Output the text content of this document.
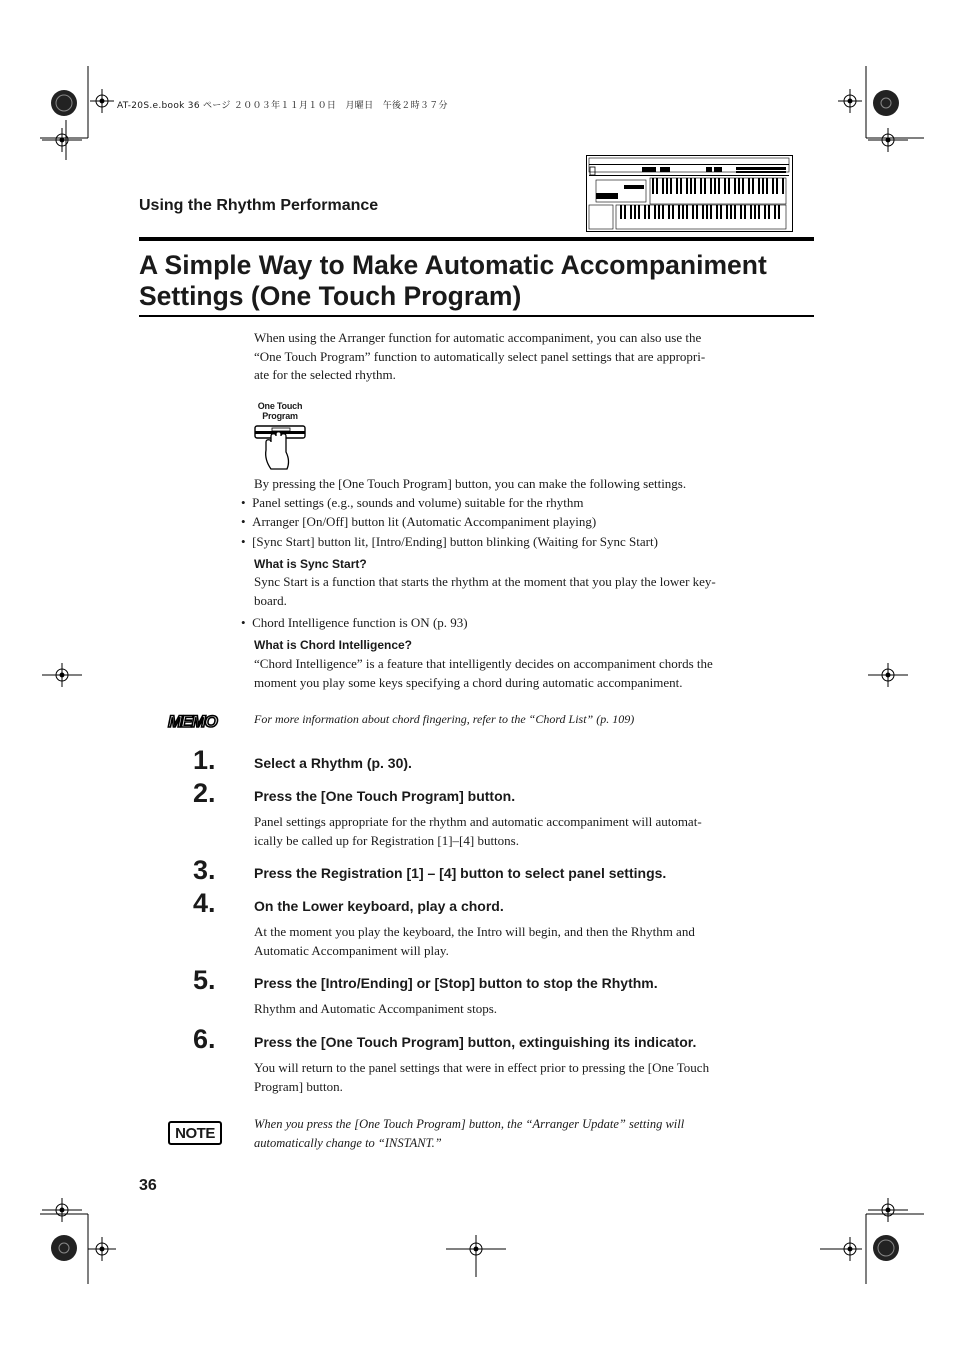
AT-20S.e.book 36 ページ ２００３年１１月１０日　月曜日　午後２時３７分
Using the Rhythm Performance
A Simple Way to Make Automatic Accompaniment
Settings (One Touch Program)
When using the Arranger function for automatic accompaniment, you can also use the
“One Touch Program” function to automatically select panel settings that are appropri-
ate for the selected rhythm.
One Touch
Program
By pressing the [One Touch Program] button, you can make the following settings.
•  Panel settings (e.g., sounds and volume) suitable for the rhythm
•  Arranger [On/Off] button lit (Automatic Accompaniment playing)
•  [Sync Start] button lit, [Intro/Ending] button blinking (Waiting for Sync Start)
What is Sync Start?
Sync Start is a function that starts the rhythm at the moment that you play the lower key-
board.
•  Chord Intelligence function is ON (p. 93)
What is Chord Intelligence?
“Chord Intelligence” is a feature that intelligently decides on accompaniment chords the
moment you play some keys specifying a chord during automatic accompaniment.
MEMO	For more information about chord fingering, refer to the “Chord List” (p. 109)
1.	Select a Rhythm (p. 30).
2.	Press the [One Touch Program] button.
Panel settings appropriate for the rhythm and automatic accompaniment will automat-
ically be called up for Registration [1]–[4] buttons.
3.	Press the Registration [1] – [4] button to select panel settings.
4.	On the Lower keyboard, play a chord.
At the moment you play the keyboard, the Intro will begin, and then the Rhythm and
Automatic Accompaniment will play.
5.	Press the [Intro/Ending] or [Stop] button to stop the Rhythm.
Rhythm and Automatic Accompaniment stops.
6.	Press the [One Touch Program] button, extinguishing its indicator.
You will return to the panel settings that were in effect prior to pressing the [One Touch
Program] button.
NOTE
When you press the [One Touch Program] button, the “Arranger Update” setting will
automatically change to “INSTANT.”
36
